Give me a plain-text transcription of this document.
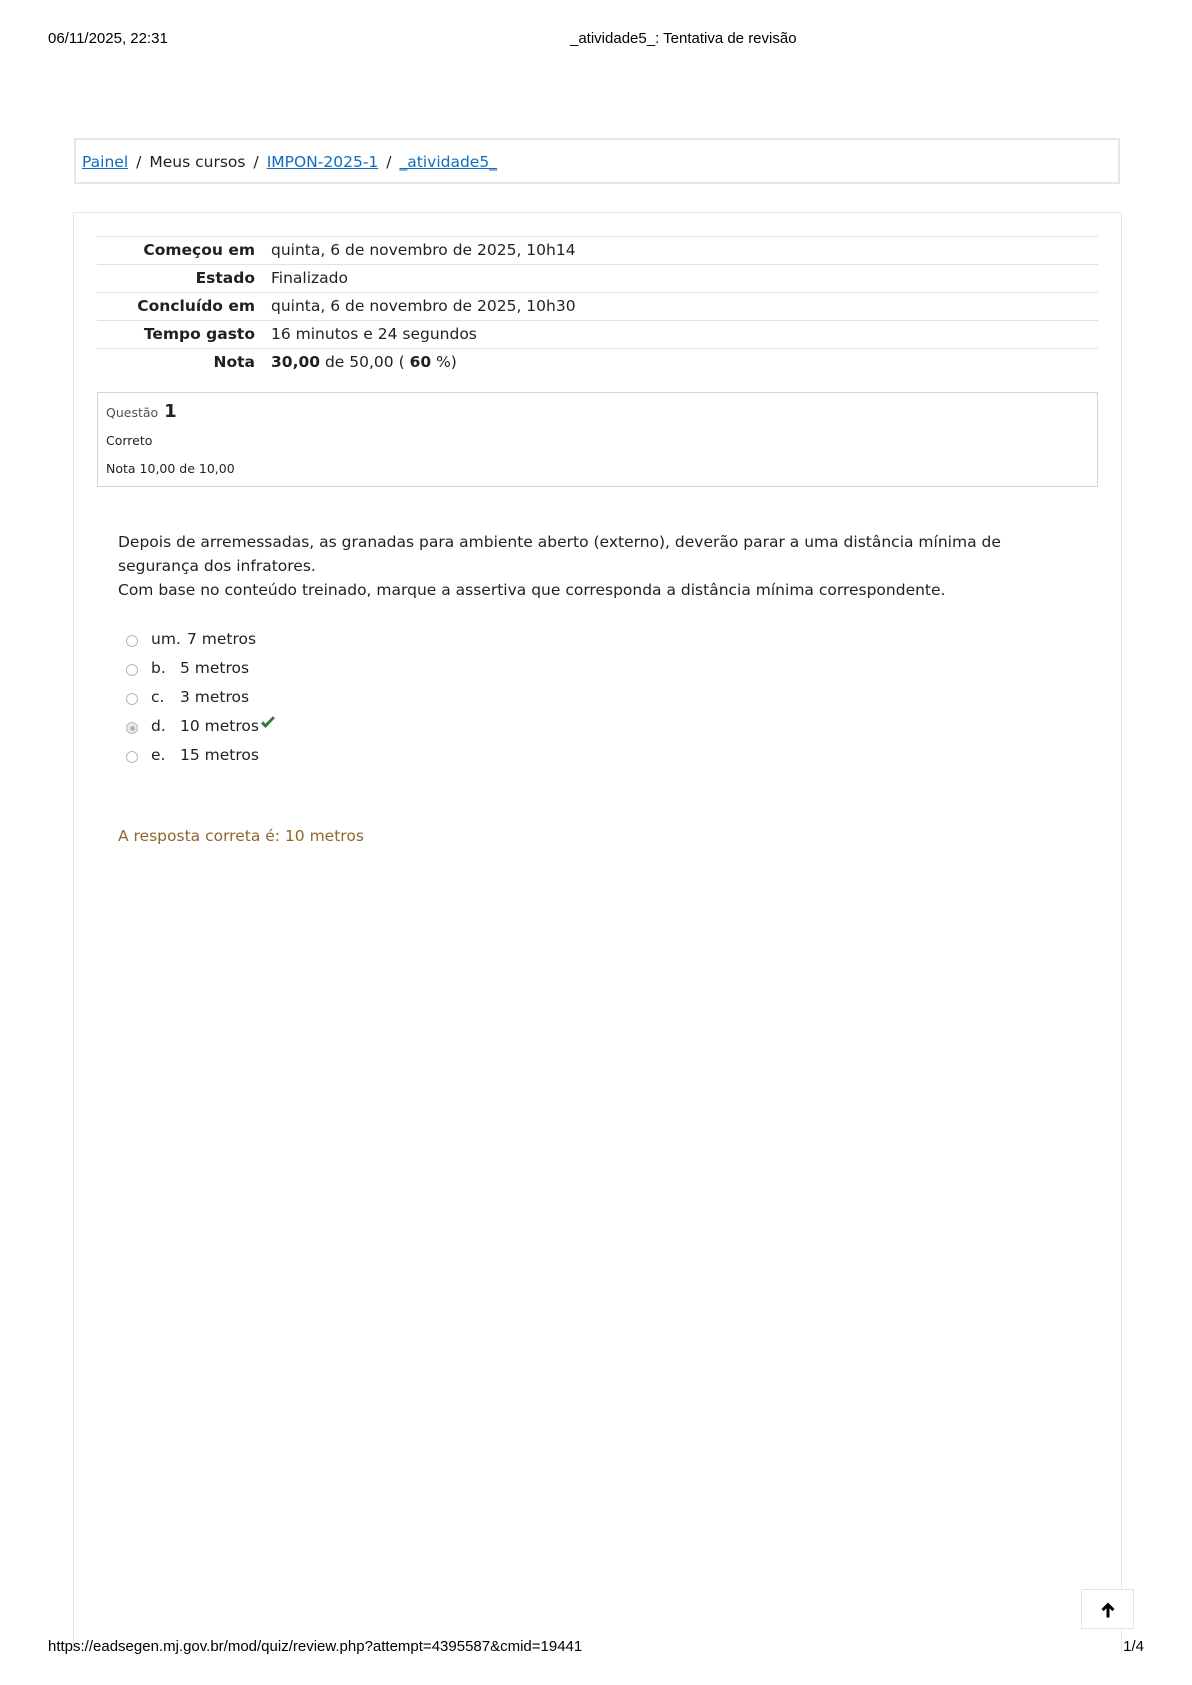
06/11/2025, 22:31	_atividade5_: Tentativa de revisão
Painel / Meus cursos / IMPON-2025-1 / _atividade5_
Começou em	quinta, 6 de novembro de 2025, 10h14
Estado	Finalizado
Concluído em	quinta, 6 de novembro de 2025, 10h30
Tempo gasto	16 minutos e 24 segundos
Nota	30,00 de 50,00 ( 60 %)
Questão 1
Correto
Nota 10,00 de 10,00

Depois de arremessadas, as granadas para ambiente aberto (externo), deverão parar a uma distância mínima de segurança dos infratores.

Com base no conteúdo treinado, marque a assertiva que corresponda a distância mínima correspondente.

um. 7 metros
b. 5 metros
c. 3 metros
d. 10 metros
e. 15 metros
A resposta correta é: 10 metros
https://eadsegen.mj.gov.br/mod/quiz/review.php?attempt=4395587&cmid=19441	1/4
